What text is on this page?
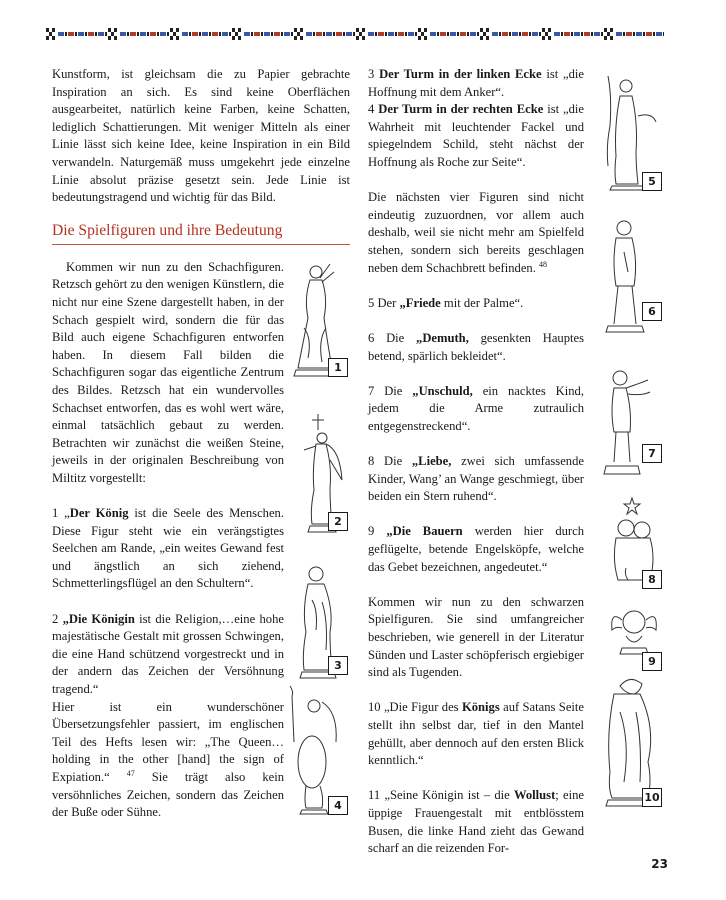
Kunstform, ist gleichsam die zu Papier gebrachte Inspiration an sich. Es sind keine Oberflächen ausgearbeitet, natürlich keine Farben, keine Schatten, lediglich Schattierungen. Mit weniger Mitteln als einer Linie lässt sich keine Idee, keine Inspiration in ein Bild verwandeln. Naturgemäß muss umgekehrt jede einzelne Linie absolut präzise gesetzt sein. Jede Linie ist bedeutungstragend und wichtig für das Bild.

Die Spielfiguren und ihre Bedeutung

Kommen wir nun zu den Schachfiguren. Retzsch gehört zu den wenigen Künstlern, die nicht nur eine Szene dargestellt haben, in der Schach gespielt wird, sondern die für das Bild auch eigene Schachfiguren entworfen haben. In diesem Fall bilden die Schachfiguren sogar das eigentliche Zentrum des Bildes. Retzsch hat ein wundervolles Schachset entworfen, das es wohl wert wäre, einmal tatsächlich gebaut zu werden. Betrachten wir zunächst die weißen Steine, jeweils in der originalen Beschreibung von Miltitz vorgestellt:

1 „Der König ist die Seele des Menschen. Diese Figur steht wie ein verängstigtes Seelchen am Rande, „ein weites Gewand fest und ängstlich an sich ziehend, Schmetterlingsflügel an den Schultern“.

2 „Die Königin ist die Religion,…eine hohe majestätische Gestalt mit grossen Schwingen, die eine Hand schützend vorgestreckt und in der andern das Zeichen der Versöhnung tragend.“

Hier ist ein wunderschöner Übersetzungsfehler passiert, im englischen Teil des Hefts lesen wir: „The Queen… holding in the other [hand] the sign of Expiation.“ $^{47}$ Sie trägt also kein versöhnliches Zeichen, sondern das Zeichen der Buße oder Sühne.

3 Der Turm in der linken Ecke ist „die Hoffnung mit dem Anker“.

4 Der Turm in der rechten Ecke ist „die Wahrheit mit leuchtender Fackel und spiegelndem Schild, steht nächst der Hoffnung als Roche zur Seite“.

Die nächsten vier Figuren sind nicht eindeutig zuzuordnen, vor allem auch deshalb, weil sie nicht mehr am Spielfeld stehen, sondern sich bereits geschlagen neben dem Schachbrett befinden. $^{48}$

5 Der „Friede mit der Palme“.

6 Die „Demuth, gesenkten Hauptes betend, spärlich bekleidet“.

7 Die „Unschuld, ein nacktes Kind, jedem die Arme zutraulich entgegenstreckend“.

8 Die „Liebe, zwei sich umfassende Kinder, Wang’ an Wange geschmiegt, über beiden ein Stern ruhend“.

9 „Die Bauern werden hier durch geflügelte, betende Engelsköpfe, welche das Gebet bezeichnen, angedeutet.“

Kommen wir nun zu den schwarzen Spielfiguren. Sie sind umfangreicher beschrieben, wie generell in der Literatur Sünden und Laster schöpferisch ergiebiger sind als Tugenden.

10 „Die Figur des Königs auf Satans Seite stellt ihn selbst dar, tief in den Mantel gehüllt, aber dennoch auf den ersten Blick kenntlich.“

11 „Seine Königin ist – die Wollust; eine üppige Frauengestalt mit entblösstem Busen, die linke Hand zieht das Gewand scharf an die reizenden For-

1
2
3
4
5
6
7
8
9
10
23
